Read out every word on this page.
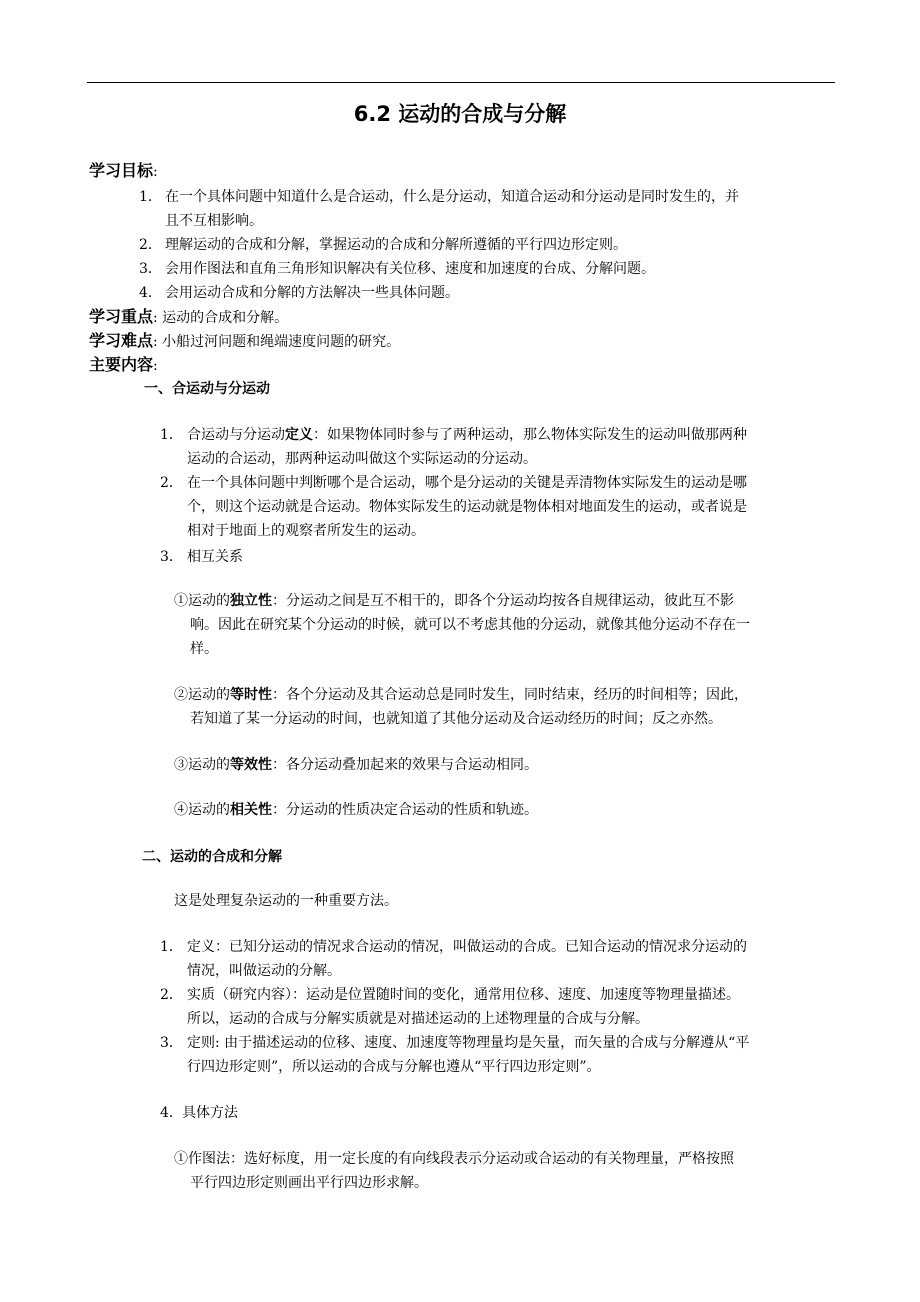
6.2 运动的合成与分解
学习目标:
1． 在一个具体问题中知道什么是合运动，什么是分运动，知道合运动和分运动是同时发生的，并
且不互相影响。
2． 理解运动的合成和分解，掌握运动的合成和分解所遵循的平行四边形定则。
3． 会用作图法和直角三角形知识解决有关位移、速度和加速度的台成、分解问题。
4． 会用运动合成和分解的方法解决一些具体问题。
学习重点: 运动的合成和分解。
学习难点: 小船过河问题和绳端速度问题的研究。
主要内容:
一、合运动与分运动
1． 合运动与分运动定义：如果物体同时参与了两种运动，那么物体实际发生的运动叫做那两种
运动的合运动，那两种运动叫做这个实际运动的分运动。
2． 在一个具体问题中判断哪个是合运动，哪个是分运动的关键是弄清物体实际发生的运动是哪
个，则这个运动就是合运动。物体实际发生的运动就是物体相对地面发生的运动，或者说是
相对于地面上的观察者所发生的运动。
3． 相互关系
①运动的独立性：分运动之间是互不相干的，即各个分运动均按各自规律运动，彼此互不影
响。因此在研究某个分运动的时候，就可以不考虑其他的分运动，就像其他分运动不存在一
样。
②运动的等时性：各个分运动及其合运动总是同时发生，同时结束，经历的时间相等；因此，
若知道了某一分运动的时间，也就知道了其他分运动及合运动经历的时间；反之亦然。
③运动的等效性：各分运动叠加起来的效果与合运动相同。
④运动的相关性：分运动的性质决定合运动的性质和轨迹。
二、运动的合成和分解
这是处理复杂运动的一种重要方法。
1． 定义：已知分运动的情况求合运动的情况，叫做运动的合成。已知合运动的情况求分运动的
情况，叫做运动的分解。
2． 实质（研究内容）：运动是位置随时间的变化，通常用位移、速度、加速度等物理量描述。
所以，运动的合成与分解实质就是对描述运动的上述物理量的合成与分解。
3． 定则: 由于描述运动的位移、速度、加速度等物理量均是矢量，而矢量的合成与分解遵从“平
行四边形定则”，所以运动的合成与分解也遵从“平行四边形定则”。
4．具体方法
①作图法：选好标度，用一定长度的有向线段表示分运动或合运动的有关物理量，严格按照
平行四边形定则画出平行四边形求解。
